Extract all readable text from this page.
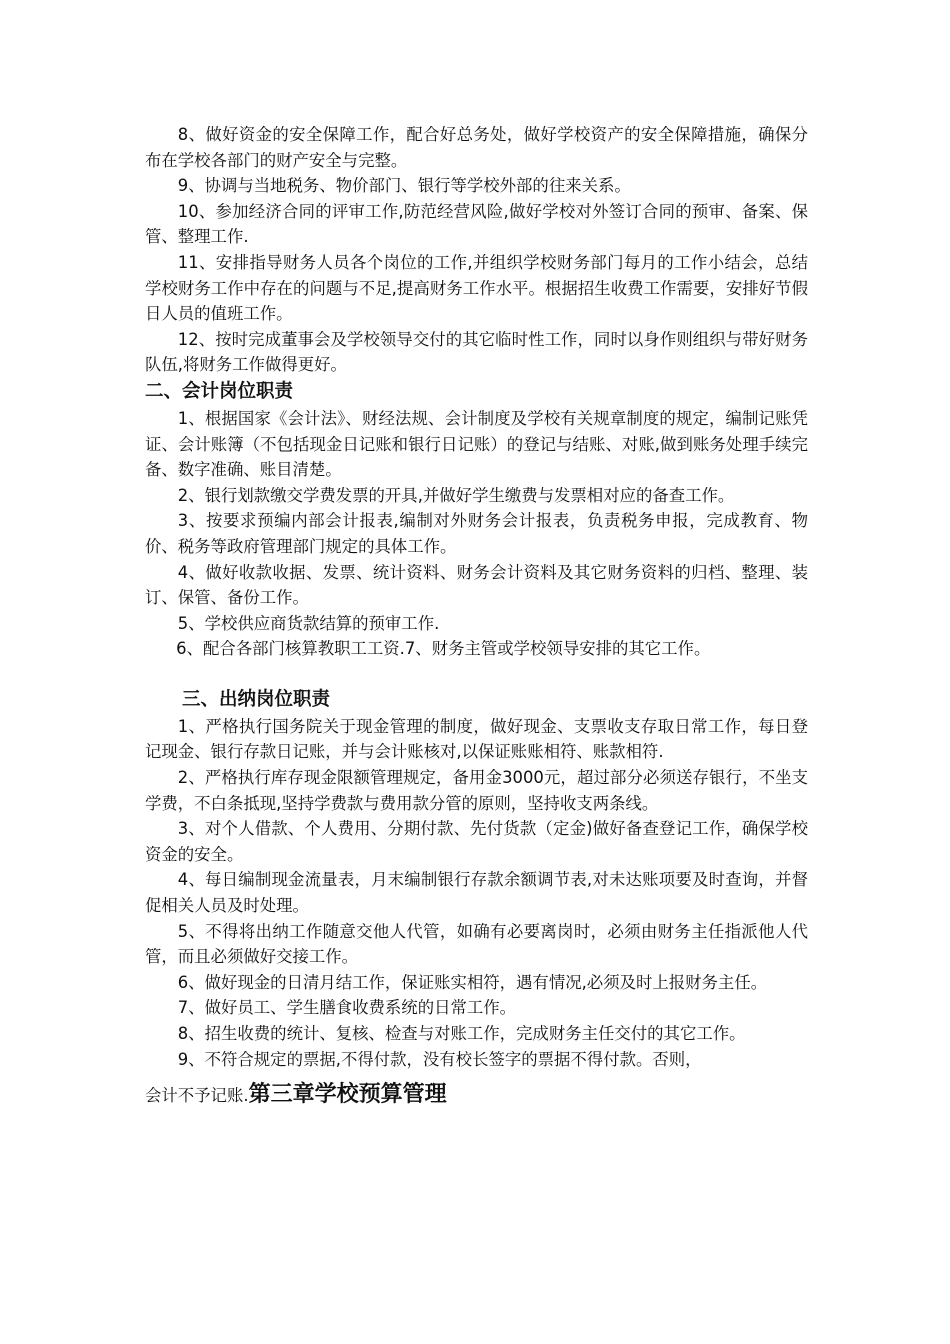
8、做好资金的安全保障工作，配合好总务处，做好学校资产的安全保障措施，确保分布在学校各部门的财产安全与完整。

9、协调与当地税务、物价部门、银行等学校外部的往来关系。

10、参加经济合同的评审工作,防范经营风险,做好学校对外签订合同的预审、备案、保管、整理工作.

11、安排指导财务人员各个岗位的工作,并组织学校财务部门每月的工作小结会，总结学校财务工作中存在的问题与不足,提高财务工作水平。根据招生收费工作需要，安排好节假日人员的值班工作。

12、按时完成董事会及学校领导交付的其它临时性工作，同时以身作则组织与带好财务队伍,将财务工作做得更好。

二、会计岗位职责

1、根据国家《会计法》、财经法规、会计制度及学校有关规章制度的规定，编制记账凭证、会计账簿（不包括现金日记账和银行日记账）的登记与结账、对账,做到账务处理手续完备、数字准确、账目清楚。

2、银行划款缴交学费发票的开具,并做好学生缴费与发票相对应的备查工作。

3、按要求预编内部会计报表,编制对外财务会计报表，负责税务申报，完成教育、物价、税务等政府管理部门规定的具体工作。

4、做好收款收据、发票、统计资料、财务会计资料及其它财务资料的归档、整理、装订、保管、备份工作。

5、学校供应商货款结算的预审工作.

6、配合各部门核算教职工工资.7、财务主管或学校领导安排的其它工作。

三、出纳岗位职责

1、严格执行国务院关于现金管理的制度，做好现金、支票收支存取日常工作，每日登记现金、银行存款日记账，并与会计账核对,以保证账账相符、账款相符.

2、严格执行库存现金限额管理规定，备用金3000元，超过部分必须送存银行，不坐支学费，不白条抵现,坚持学费款与费用款分管的原则，坚持收支两条线。

3、对个人借款、个人费用、分期付款、先付货款（定金)做好备查登记工作，确保学校资金的安全。

4、每日编制现金流量表，月末编制银行存款余额调节表,对未达账项要及时查询，并督促相关人员及时处理。

5、不得将出纳工作随意交他人代管，如确有必要离岗时，必须由财务主任指派他人代管，而且必须做好交接工作。

6、做好现金的日清月结工作，保证账实相符，遇有情况,必须及时上报财务主任。

7、做好员工、学生膳食收费系统的日常工作。

8、招生收费的统计、复核、检查与对账工作，完成财务主任交付的其它工作。

9、不符合规定的票据,不得付款，没有校长签字的票据不得付款。否则，

会计不予记账.第三章学校预算管理
